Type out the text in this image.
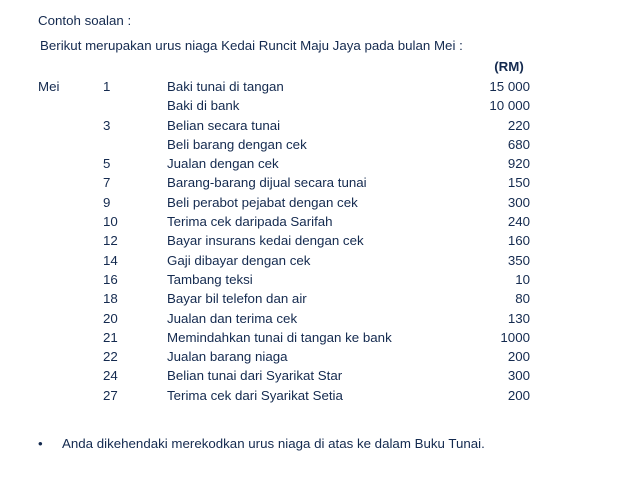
Contoh soalan :
Berikut merupakan urus niaga Kedai Runcit Maju Jaya pada bulan Mei :
(RM)
Mei	1	Baki tunai di tangan	15 000
Baki di bank	10 000
3	Belian secara tunai	220
Beli barang dengan cek	680
5	Jualan dengan cek	920
7	Barang-barang dijual secara tunai	150
9	Beli perabot pejabat dengan cek	300
10	Terima cek daripada Sarifah	240
12	Bayar insurans kedai dengan cek	160
14	Gaji dibayar dengan cek	350
16	Tambang teksi	10
18	Bayar bil telefon dan air	80
20	Jualan dan terima cek	130
21	Memindahkan tunai di tangan ke bank	1000
22	Jualan barang niaga	200
24	Belian tunai dari Syarikat Star	300
27	Terima cek dari Syarikat Setia	200
• Anda dikehendaki merekodkan urus niaga di atas ke dalam Buku Tunai.
